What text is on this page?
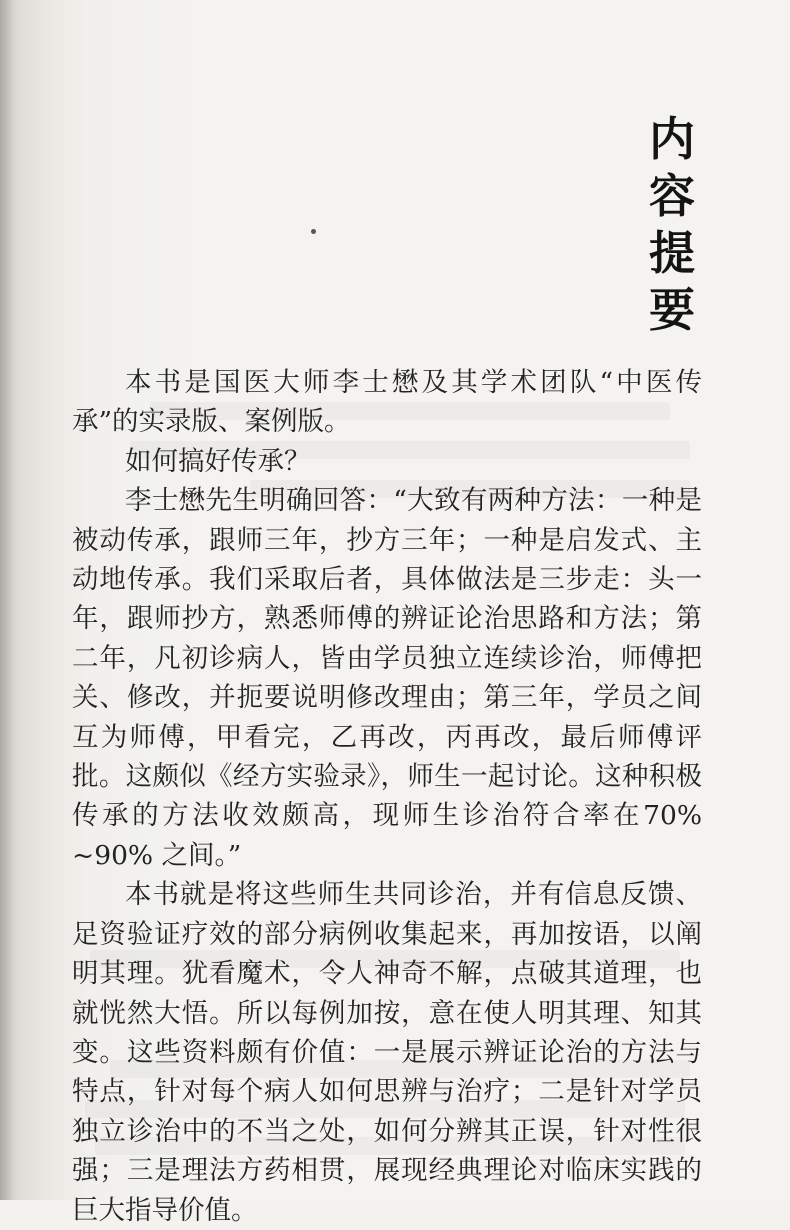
内
容
提
要

本书是国医大师李士懋及其学术团队“中医传承”的实录版、案例版。

如何搞好传承？

李士懋先生明确回答：“大致有两种方法：一种是被动传承，跟师三年，抄方三年；一种是启发式、主动地传承。我们采取后者，具体做法是三步走：头一年，跟师抄方，熟悉师傅的辨证论治思路和方法；第二年，凡初诊病人，皆由学员独立连续诊治，师傅把关、修改，并扼要说明修改理由；第三年，学员之间互为师傅，甲看完，乙再改，丙再改，最后师傅评批。这颇似《经方实验录》，师生一起讨论。这种积极传承的方法收效颇高，现师生诊治符合率在70% ~90% 之间。”

本书就是将这些师生共同诊治，并有信息反馈、足资验证疗效的部分病例收集起来，再加按语，以阐明其理。犹看魔术，令人神奇不解，点破其道理，也就恍然大悟。所以每例加按，意在使人明其理、知其变。这些资料颇有价值：一是展示辨证论治的方法与特点，针对每个病人如何思辨与治疗；二是针对学员独立诊治中的不当之处，如何分辨其正误，针对性很强；三是理法方药相贯，展现经典理论对临床实践的巨大指导价值。
